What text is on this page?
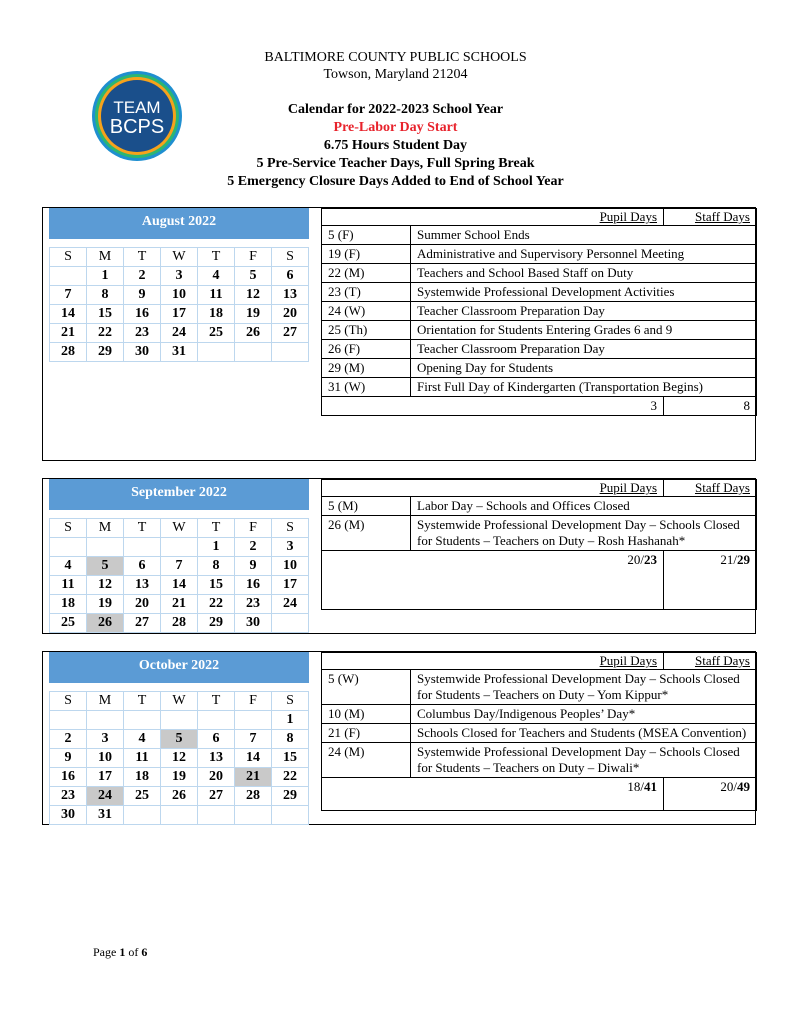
TEAM
BCPS
BALTIMORE COUNTY PUBLIC SCHOOLS
Towson, Maryland 21204
Calendar for 2022-2023 School Year
Pre-Labor Day Start
6.75 Hours Student Day
5 Pre-Service Teacher Days, Full Spring Break
5 Emergency Closure Days Added to End of School Year
August 2022
S	M	T	W	T	F	S
	1	2	3	4	5	6
7	8	9	10	11	12	13
14	15	16	17	18	19	20
21	22	23	24	25	26	27
28	29	30	31			
Pupil Days		Staff Days
5 (F)	Summer School Ends	
19 (F)	Administrative and Supervisory Personnel Meeting	
22 (M)	Teachers and School Based Staff on Duty	
23 (T)	Systemwide Professional Development Activities	
24 (W)	Teacher Classroom Preparation Day	
25 (Th)	Orientation for Students Entering Grades 6 and 9	
26 (F)	Teacher Classroom Preparation Day	
29 (M)	Opening Day for Students	
31 (W)	First Full Day of Kindergarten (Transportation Begins)	
3		8
September 2022
S	M	T	W	T	F	S
				1	2	3
4	5	6	7	8	9	10
11	12	13	14	15	16	17
18	19	20	21	22	23	24
25	26	27	28	29	30	
Pupil Days		Staff Days
5 (M)	Labor Day – Schools and Offices Closed	
26 (M)	Systemwide Professional Development Day – Schools Closed for Students – Teachers on Duty – Rosh Hashanah*	
20/23		21/29
October 2022
S	M	T	W	T	F	S
						1
2	3	4	5	6	7	8
9	10	11	12	13	14	15
16	17	18	19	20	21	22
23	24	25	26	27	28	29
30	31					
Pupil Days		Staff Days
5 (W)	Systemwide Professional Development Day – Schools Closed for Students – Teachers on Duty – Yom Kippur*	
10 (M)	Columbus Day/Indigenous Peoples’ Day*	
21 (F)	Schools Closed for Teachers and Students (MSEA Convention)	
24 (M)	Systemwide Professional Development Day – Schools Closed for Students – Teachers on Duty – Diwali*	
18/41		20/49
Page 1 of 6
